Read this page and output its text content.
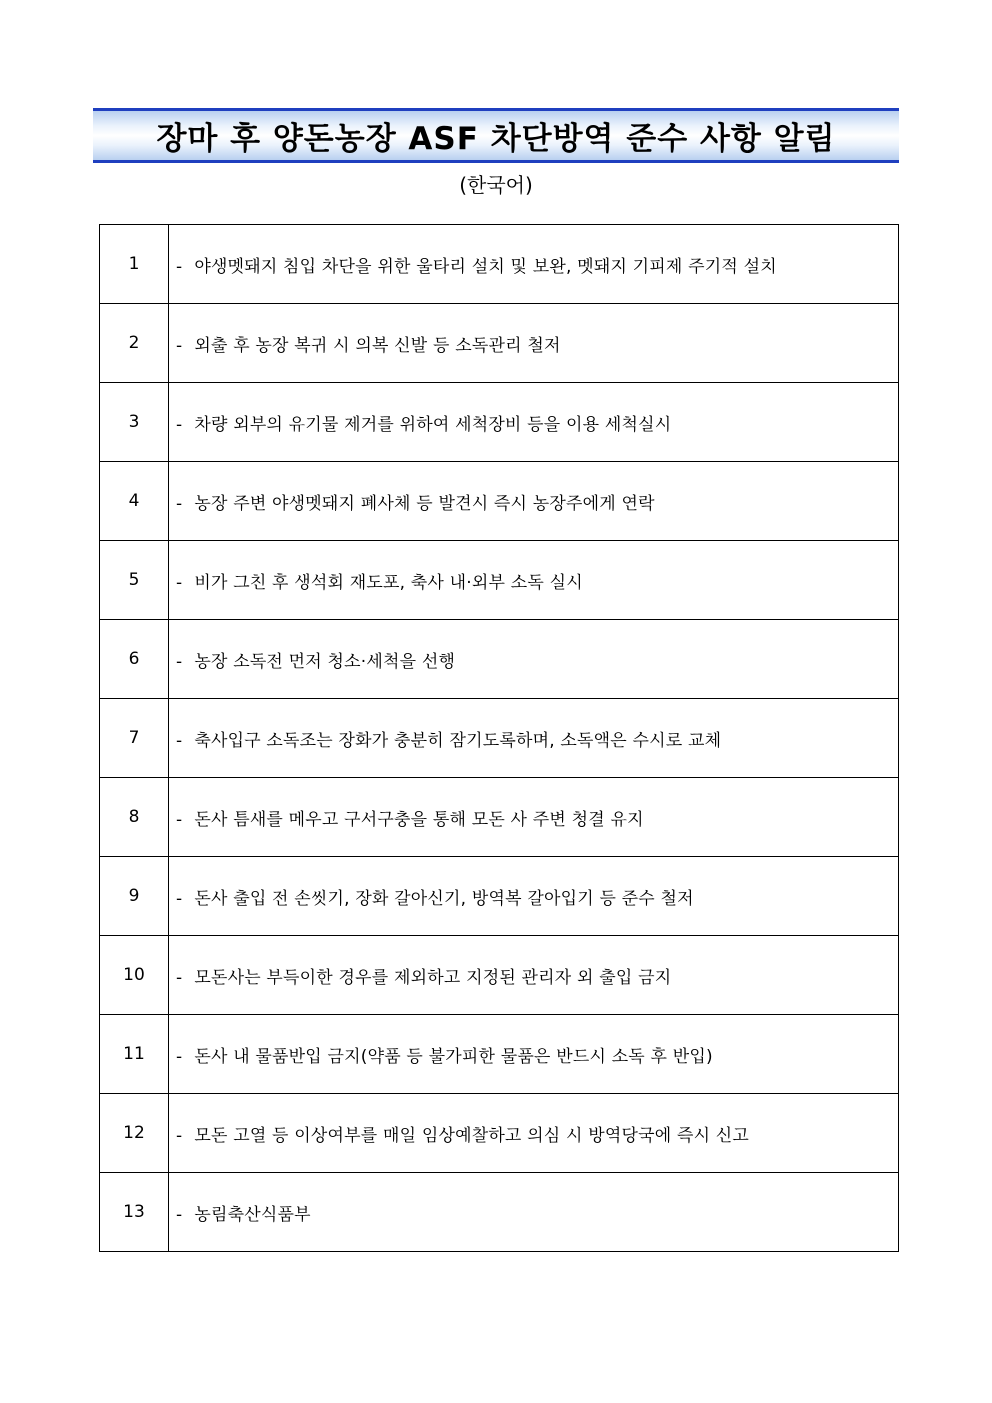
장마 후 양돈농장 ASF 차단방역 준수 사항 알림
(한국어)
1	- 야생멧돼지 침입 차단을 위한 울타리 설치 및 보완, 멧돼지 기피제 주기적 설치
2	- 외출 후 농장 복귀 시 의복 신발 등 소독관리 철저
3	- 차량 외부의 유기물 제거를 위하여 세척장비 등을 이용 세척실시
4	- 농장 주변 야생멧돼지 폐사체 등 발견시 즉시 농장주에게 연락
5	- 비가 그친 후 생석회 재도포, 축사 내·외부 소독 실시
6	- 농장 소독전 먼저 청소·세척을 선행
7	- 축사입구 소독조는 장화가 충분히 잠기도록하며, 소독액은 수시로 교체
8	- 돈사 틈새를 메우고 구서구충을 통해 모돈 사 주변 청결 유지
9	- 돈사 출입 전 손씻기, 장화 갈아신기, 방역복 갈아입기 등 준수 철저
10	- 모돈사는 부득이한 경우를 제외하고 지정된 관리자 외 출입 금지
11	- 돈사 내 물품반입 금지(약품 등 불가피한 물품은 반드시 소독 후 반입)
12	- 모돈 고열 등 이상여부를 매일 임상예찰하고 의심 시 방역당국에 즉시 신고
13	- 농림축산식품부
